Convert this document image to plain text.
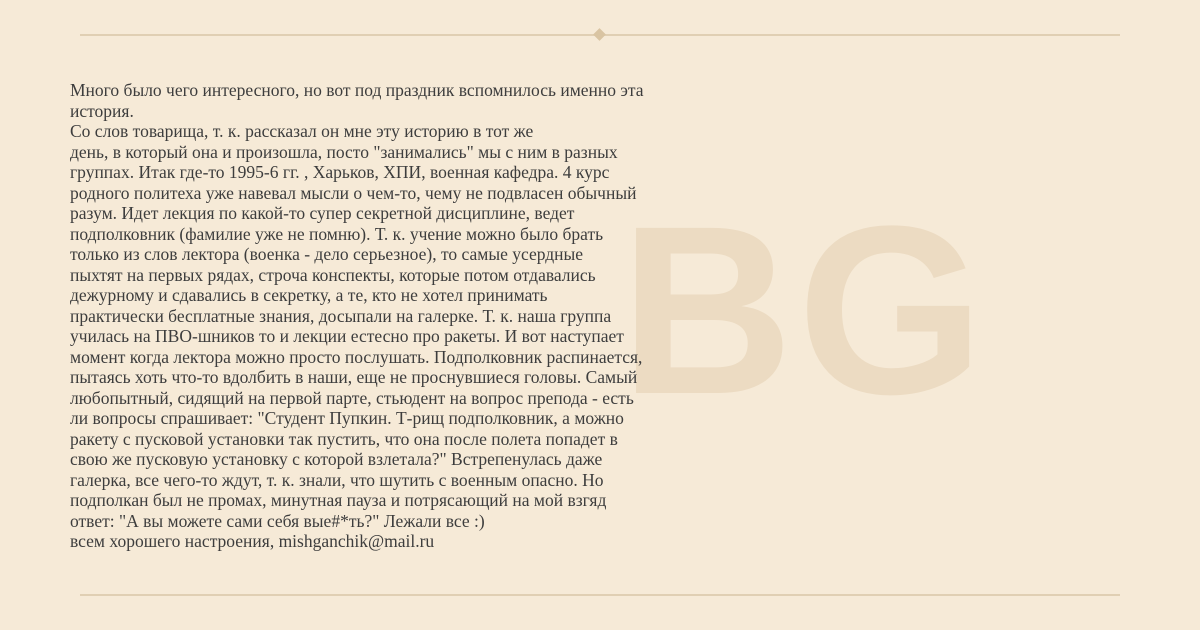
BG
Много было чего интересного, но вот под праздник вспомнилось именно эта
история.
Со слов товарища, т. к. рассказал он мне эту историю в тот же
день, в который она и произошла, посто "занимались" мы с ним в разных
группах. Итак где-то 1995-6 гг. , Харьков, ХПИ, военная кафедра. 4 курс
родного политеха уже навевал мысли о чем-то, чему не подвласен обычный
разум. Идет лекция по какой-то супер секретной дисциплине, ведет
подполковник (фамилие уже не помню). Т. к. учение можно было брать
только из слов лектора (военка - дело серьезное), то самые усердные
пыхтят на первых рядах, строча конспекты, которые потом отдавались
дежурному и сдавались в секретку, а те, кто не хотел принимать
практически бесплатные знания, досыпали на галерке. Т. к. наша группа
училась на ПВО-шников то и лекции естесно про ракеты. И вот наступает
момент когда лектора можно просто послушать. Подполковник распинается,
пытаясь хоть что-то вдолбить в наши, еще не проснувшиеся головы. Самый
любопытный, сидящий на первой парте, стьюдент на вопрос препода - есть
ли вопросы спрашивает: "Студент Пупкин. Т-рищ подполковник, а можно
ракету с пусковой установки так пустить, что она после полета попадет в
свою же пусковую установку с которой взлетала?" Встрепенулась даже
галерка, все чего-то ждут, т. к. знали, что шутить с военным опасно. Но
подполкан был не промах, минутная пауза и потрясающий на мой взгяд
ответ: "А вы можете сами себя вые#*ть?" Лежали все :)
всем хорошего настроения, mishganchik@mail.ru
